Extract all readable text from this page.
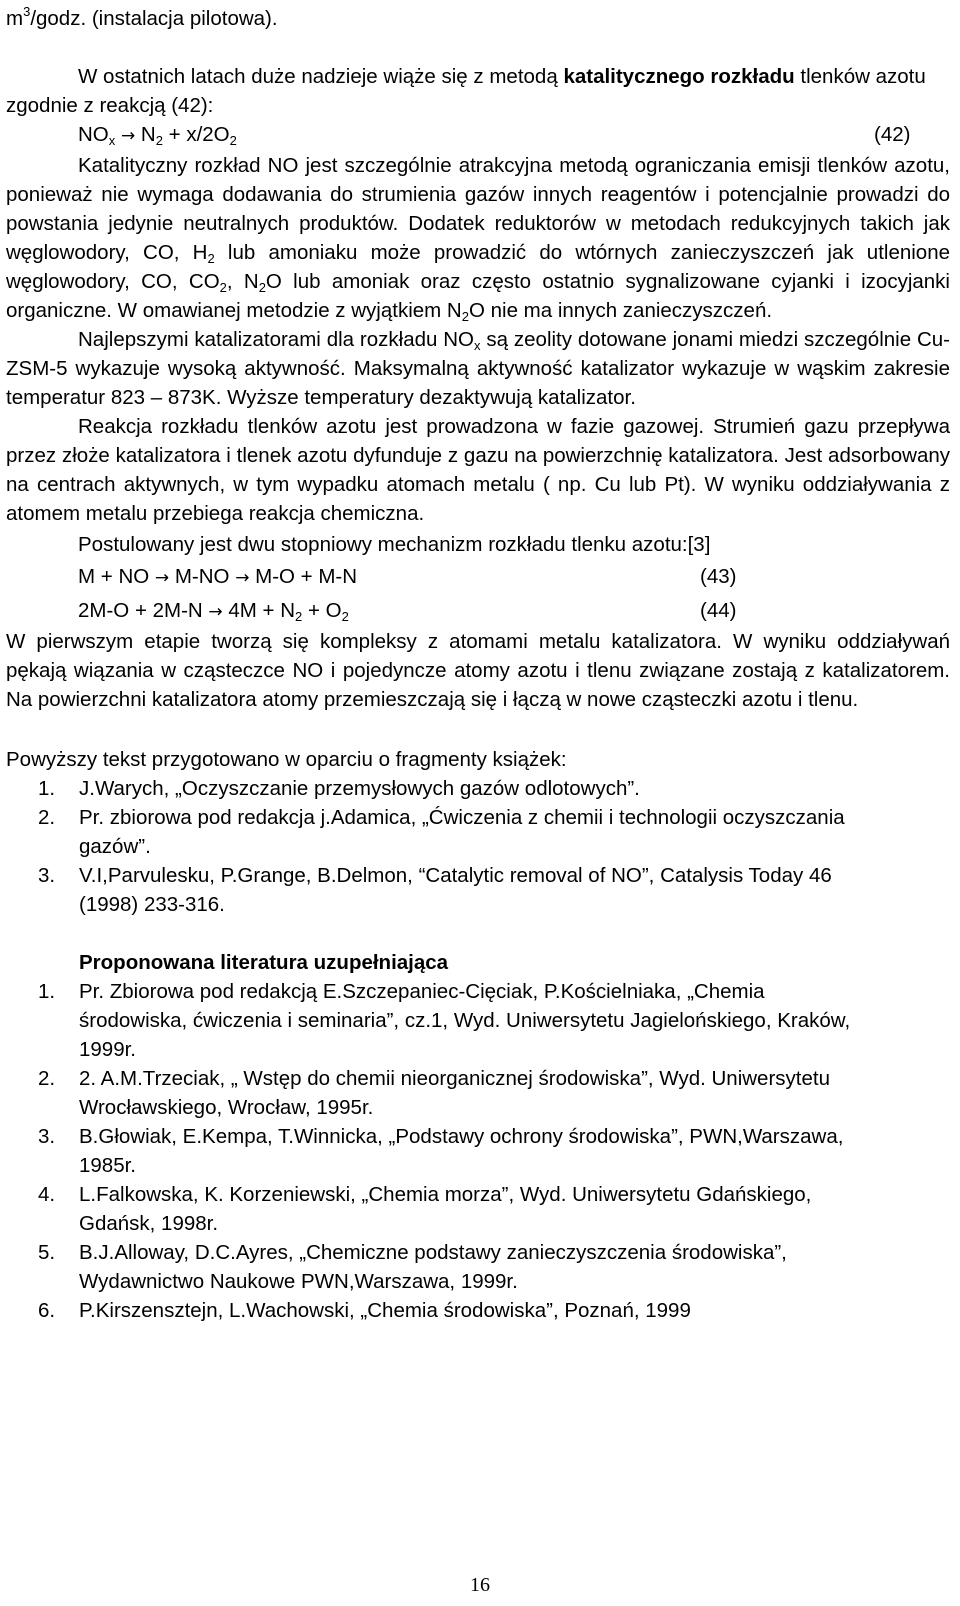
$m^3$/godz. (instalacja pilotowa).

W ostatnich latach duże nadzieje wiąże się z metodą katalitycznego rozkładu tlenków azotu zgodnie z reakcją (42):

$NO_x \to N_2 + x/2O_2$	(42)

Katalityczny rozkład NO jest szczególnie atrakcyjna metodą ograniczania emisji tlenków azotu, ponieważ nie wymaga dodawania do strumienia gazów innych reagentów i potencjalnie prowadzi do powstania jedynie neutralnych produktów. Dodatek reduktorów w metodach redukcyjnych takich jak węglowodory, CO, $H_2$ lub amoniaku może prowadzić do wtórnych zanieczyszczeń jak utlenione węglowodory, CO, $CO_2$, $N_2O$ lub amoniak oraz często ostatnio sygnalizowane cyjanki i izocyjanki organiczne. W omawianej metodzie z wyjątkiem $N_2O$ nie ma innych zanieczyszczeń.

Najlepszymi katalizatorami dla rozkładu $NO_x$ są zeolity dotowane jonami miedzi szczególnie Cu-ZSM-5 wykazuje wysoką aktywność. Maksymalną aktywność katalizator wykazuje w wąskim zakresie temperatur 823 – 873K. Wyższe temperatury dezaktywują katalizator.

Reakcja rozkładu tlenków azotu jest prowadzona w fazie gazowej. Strumień gazu przepływa przez złoże katalizatora i tlenek azotu dyfunduje z gazu na powierzchnię katalizatora. Jest adsorbowany na centrach aktywnych, w tym wypadku atomach metalu ( np. Cu lub Pt). W wyniku oddziaływania z atomem metalu przebiega reakcja chemiczna.

Postulowany jest dwu stopniowy mechanizm rozkładu tlenku azotu:[3]

M + NO → M-NO → M-O + M-N	(43)
$2M-O + 2M-N \to 4M + N_2 + O_2$	(44)

W pierwszym etapie tworzą się kompleksy z atomami metalu katalizatora. W wyniku oddziaływań pękają wiązania w cząsteczce NO i pojedyncze atomy azotu i tlenu związane zostają z katalizatorem. Na powierzchni katalizatora atomy przemieszczają się i łączą w nowe cząsteczki azotu i tlenu.

Powyższy tekst przygotowano w oparciu o fragmenty książek:

1.	J.Warych, „Oczyszczanie przemysłowych gazów odlotowych”.
2.	Pr. zbiorowa pod redakcja j.Adamica, „Ćwiczenia z chemii i technologii oczyszczania gazów”.
3.	V.I,Parvulesku, P.Grange, B.Delmon, “Catalytic removal of NO”, Catalysis Today 46 (1998) 233-316.

Proponowana literatura uzupełniająca

1.	Pr. Zbiorowa pod redakcją E.Szczepaniec-Cięciak, P.Kościelniaka, „Chemia środowiska, ćwiczenia i seminaria”, cz.1, Wyd. Uniwersytetu Jagielońskiego, Kraków, 1999r.
2.	2. A.M.Trzeciak, „ Wstęp do chemii nieorganicznej środowiska”, Wyd. Uniwersytetu Wrocławskiego, Wrocław, 1995r.
3.	B.Głowiak, E.Kempa, T.Winnicka, „Podstawy ochrony środowiska”, PWN,Warszawa, 1985r.
4.	L.Falkowska, K. Korzeniewski, „Chemia morza”, Wyd. Uniwersytetu Gdańskiego, Gdańsk, 1998r.
5.	B.J.Alloway, D.C.Ayres, „Chemiczne podstawy zanieczyszczenia środowiska”, Wydawnictwo Naukowe PWN,Warszawa, 1999r.
6.	P.Kirszensztejn, L.Wachowski, „Chemia środowiska”, Poznań, 1999
16
